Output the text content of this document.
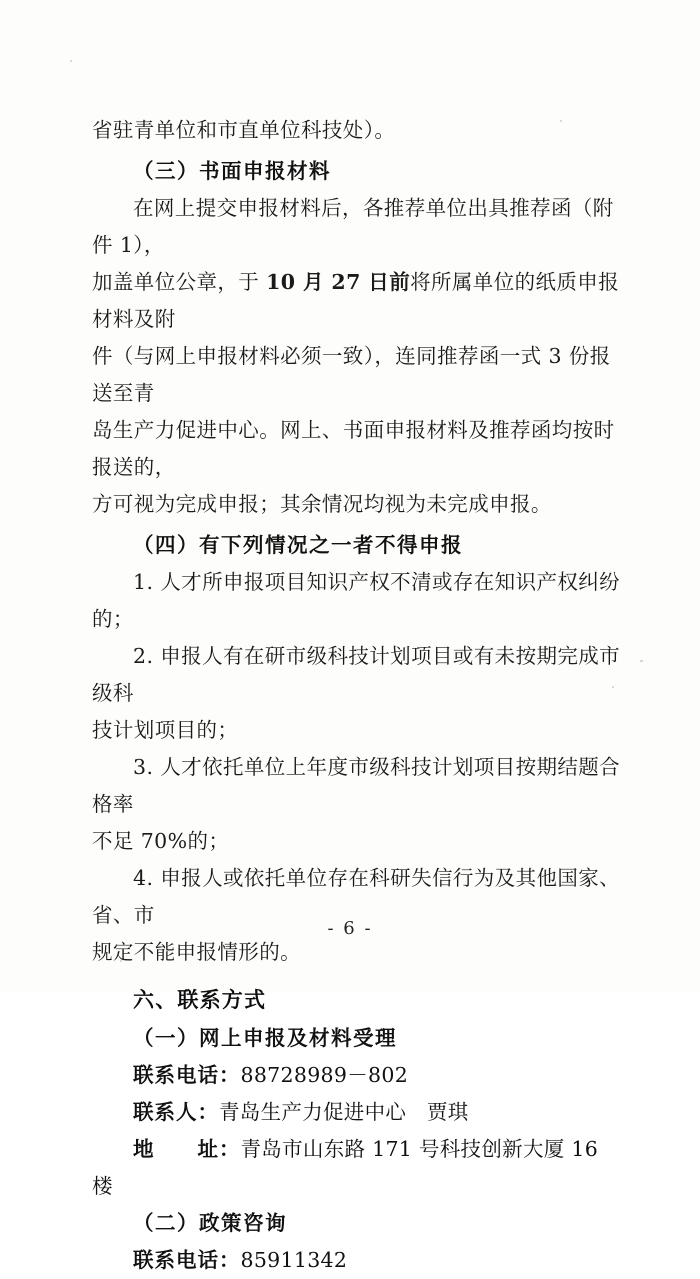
省驻青单位和市直单位科技处）。

（三）书面申报材料

在网上提交申报材料后，各推荐单位出具推荐函（附件 1），

加盖单位公章，于 10 月 27 日前将所属单位的纸质申报材料及附

件（与网上申报材料必须一致），连同推荐函一式 3 份报送至青

岛生产力促进中心。网上、书面申报材料及推荐函均按时报送的，

方可视为完成申报；其余情况均视为未完成申报。

（四）有下列情况之一者不得申报

1. 人才所申报项目知识产权不清或存在知识产权纠纷的；

2. 申报人有在研市级科技计划项目或有未按期完成市级科

技计划项目的；

3. 人才依托单位上年度市级科技计划项目按期结题合格率

不足 70%的；

4. 申报人或依托单位存在科研失信行为及其他国家、省、市

规定不能申报情形的。

六、联系方式

（一）网上申报及材料受理

联系电话：88728989－802

联系人：青岛生产力促进中心　贾琪

地　　址：青岛市山东路 171 号科技创新大厦 16 楼

（二）政策咨询

联系电话：85911342

- 6 -
